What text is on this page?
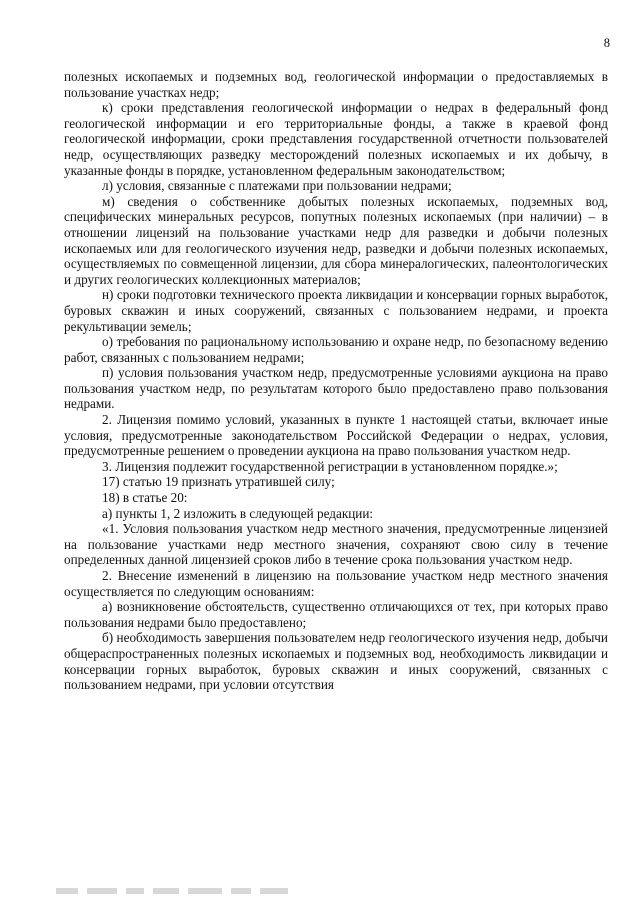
8

полезных ископаемых и подземных вод, геологической информации о предоставляемых в пользование участках недр;

к) сроки представления геологической информации о недрах в федеральный фонд геологической информации и его территориальные фонды, а также в краевой фонд геологической информации, сроки представления государственной отчетности пользователей недр, осуществляющих разведку месторождений полезных ископаемых и их добычу, в указанные фонды в порядке, установленном федеральным законодательством;

л) условия, связанные с платежами при пользовании недрами;

м) сведения о собственнике добытых полезных ископаемых, подземных вод, специфических минеральных ресурсов, попутных полезных ископаемых (при наличии) – в отношении лицензий на пользование участками недр для разведки и добычи полезных ископаемых или для геологического изучения недр, разведки и добычи полезных ископаемых, осуществляемых по совмещенной лицензии, для сбора минералогических, палеонтологических и других геологических коллекционных материалов;

н) сроки подготовки технического проекта ликвидации и консервации горных выработок, буровых скважин и иных сооружений, связанных с пользованием недрами, и проекта рекультивации земель;

о) требования по рациональному использованию и охране недр, по безопасному ведению работ, связанных с пользованием недрами;

п) условия пользования участком недр, предусмотренные условиями аукциона на право пользования участком недр, по результатам которого было предоставлено право пользования недрами.

2. Лицензия помимо условий, указанных в пункте 1 настоящей статьи, включает иные условия, предусмотренные законодательством Российской Федерации о недрах, условия, предусмотренные решением о проведении аукциона на право пользования участком недр.

3. Лицензия подлежит государственной регистрации в установленном порядке.»;

17) статью 19 признать утратившей силу;

18) в статье 20:

а) пункты 1, 2 изложить в следующей редакции:

«1. Условия пользования участком недр местного значения, предусмотренные лицензией на пользование участками недр местного значения, сохраняют свою силу в течение определенных данной лицензией сроков либо в течение срока пользования участком недр.

2. Внесение изменений в лицензию на пользование участком недр местного значения осуществляется по следующим основаниям:

а) возникновение обстоятельств, существенно отличающихся от тех, при которых право пользования недрами было предоставлено;

б) необходимость завершения пользователем недр геологического изучения недр, добычи общераспространенных полезных ископаемых и подземных вод, необходимость ликвидации и консервации горных выработок, буровых скважин и иных сооружений, связанных с пользованием недрами, при условии отсутствия
